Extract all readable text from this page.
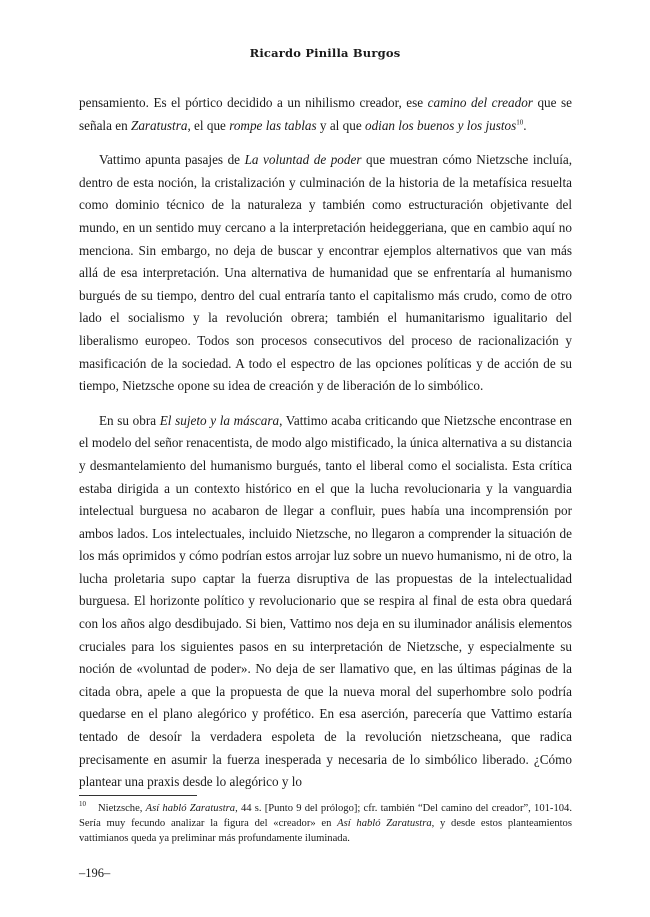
Ricardo Pinilla Burgos

pensamiento. Es el pórtico decidido a un nihilismo creador, ese camino del creador que se señala en Zaratustra, el que rompe las tablas y al que odian los buenos y los justos$^{10}$.

Vattimo apunta pasajes de La voluntad de poder que muestran cómo Nietzsche incluía, dentro de esta noción, la cristalización y culminación de la historia de la metafísica resuelta como dominio técnico de la naturaleza y también como estructuración objetivante del mundo, en un sentido muy cercano a la interpretación heideggeriana, que en cambio aquí no menciona. Sin embargo, no deja de buscar y encontrar ejemplos alternativos que van más allá de esa interpretación. Una alternativa de humanidad que se enfrentaría al humanismo burgués de su tiempo, dentro del cual entraría tanto el capitalismo más crudo, como de otro lado el socialismo y la revolución obrera; también el humanitarismo igualitario del liberalismo europeo. Todos son procesos consecutivos del proceso de racionalización y masificación de la sociedad. A todo el espectro de las opciones políticas y de acción de su tiempo, Nietzsche opone su idea de creación y de liberación de lo simbólico.

En su obra El sujeto y la máscara, Vattimo acaba criticando que Nietzsche encontrase en el modelo del señor renacentista, de modo algo mistificado, la única alternativa a su distancia y desmantelamiento del humanismo burgués, tanto el liberal como el socialista. Esta crítica estaba dirigida a un contexto histórico en el que la lucha revolucionaria y la vanguardia intelectual burguesa no acabaron de llegar a confluir, pues había una incomprensión por ambos lados. Los intelectuales, incluido Nietzsche, no llegaron a comprender la situación de los más oprimidos y cómo podrían estos arrojar luz sobre un nuevo humanismo, ni de otro, la lucha proletaria supo captar la fuerza disruptiva de las propuestas de la intelectualidad burguesa. El horizonte político y revolucionario que se respira al final de esta obra quedará con los años algo desdibujado. Si bien, Vattimo nos deja en su iluminador análisis elementos cruciales para los siguientes pasos en su interpretación de Nietzsche, y especialmente su noción de «voluntad de poder». No deja de ser llamativo que, en las últimas páginas de la citada obra, apele a que la propuesta de que la nueva moral del superhombre solo podría quedarse en el plano alegórico y profético. En esa aserción, parecería que Vattimo estaría tentado de desoír la verdadera espoleta de la revolución nietzscheana, que radica precisamente en asumir la fuerza inesperada y necesaria de lo simbólico liberado. ¿Cómo plantear una praxis desde lo alegórico y lo

$^{10}$ Nietzsche, Así habló Zaratustra, 44 s. [Punto 9 del prólogo]; cfr. también “Del camino del creador”, 101-104. Sería muy fecundo analizar la figura del «creador» en Así habló Zaratustra, y desde estos planteamientos vattimianos queda ya preliminar más profundamente iluminada.
–196–
